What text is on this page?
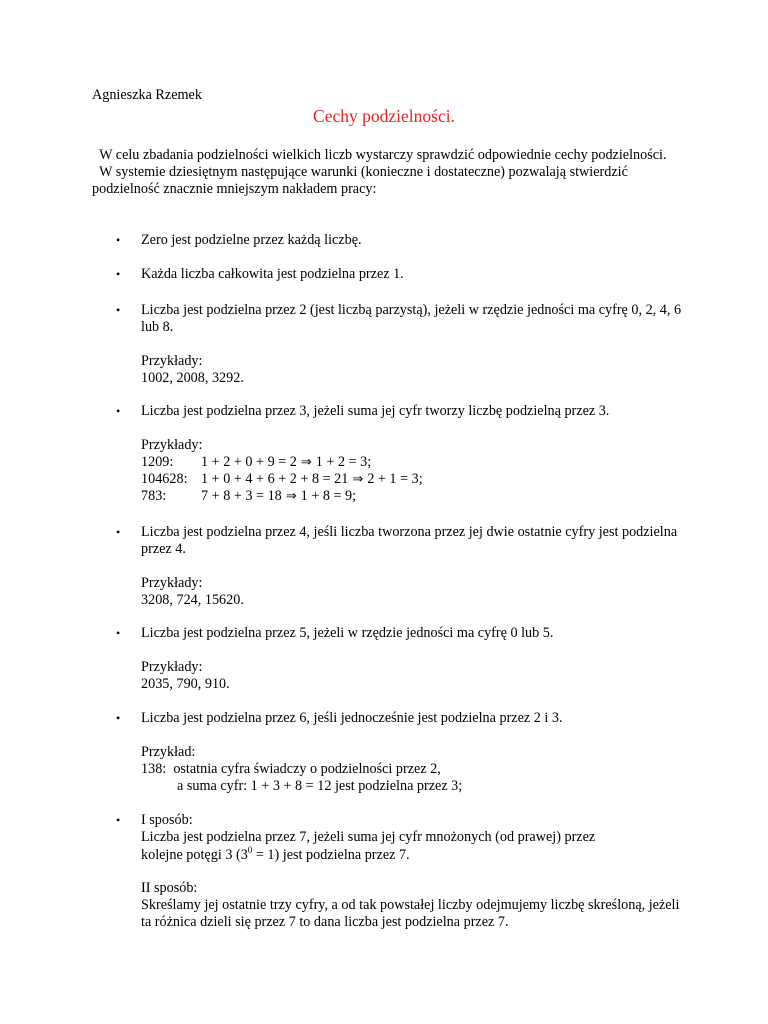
Agnieszka Rzemek
Cechy podzielności.

W celu zbadania podzielności wielkich liczb wystarczy sprawdzić odpowiednie cechy podzielności.

W systemie dziesiętnym następujące warunki (konieczne i dostateczne) pozwalają stwierdzić podzielność znacznie mniejszym nakładem pracy:

• Zero jest podzielne przez każdą liczbę.

• Każda liczba całkowita jest podzielna przez 1.

• Liczba jest podzielna przez 2 (jest liczbą parzystą), jeżeli w rzędzie jedności ma cyfrę 0, 2, 4, 6 lub 8.

Przykłady:

1002, 2008, 3292.

• Liczba jest podzielna przez 3, jeżeli suma jej cyfr tworzy liczbę podzielną przez 3.

Przykłady:

1209:	1 + 2 + 0 + 9 = 2 ⇒ 1 + 2 = 3;
104628: 1 + 0 + 4 + 6 + 2 + 8 = 21 ⇒ 2 + 1 = 3;
783:	7 + 8 + 3 = 18 ⇒ 1 + 8 = 9;
• Liczba jest podzielna przez 4, jeśli liczba tworzona przez jej dwie ostatnie cyfry jest podzielna przez 4.

Przykłady:

3208, 724, 15620.

• Liczba jest podzielna przez 5, jeżeli w rzędzie jedności ma cyfrę 0 lub 5.

Przykłady:

2035, 790, 910.

• Liczba jest podzielna przez 6, jeśli jednocześnie jest podzielna przez 2 i 3.

Przykład:

138:  ostatnia cyfra świadczy o podzielności przez 2,

a suma cyfr: 1 + 3 + 8 = 12 jest podzielna przez 3;

• I sposób:

Liczba jest podzielna przez 7, jeżeli suma jej cyfr mnożonych (od prawej) przez

kolejne potęgi 3 $(3^0 = 1)$ jest podzielna przez 7.

II sposób:

Skreślamy jej ostatnie trzy cyfry, a od tak powstałej liczby odejmujemy liczbę skreśloną, jeżeli ta różnica dzieli się przez 7 to dana liczba jest podzielna przez 7.
